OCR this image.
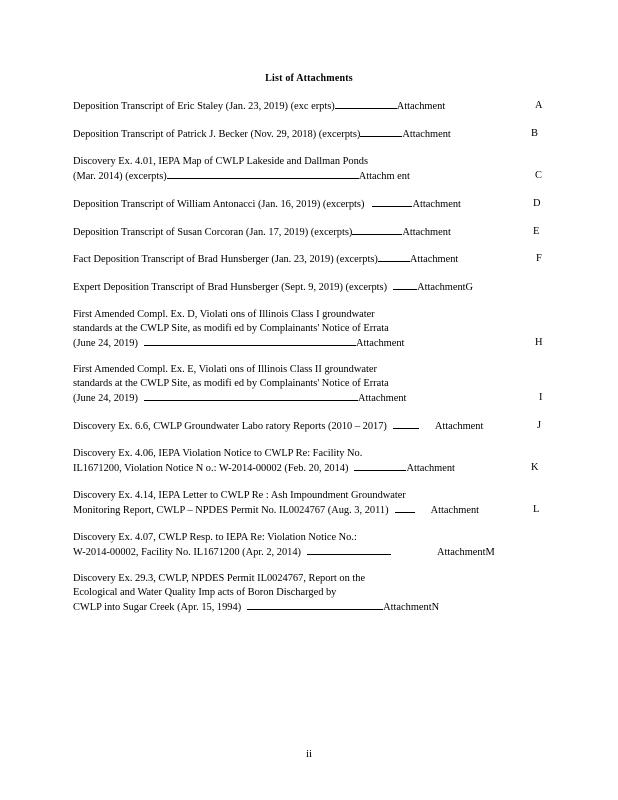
List of Attachments
Deposition Transcript of Eric Staley (Jan. 23, 2019) (exc erpts)	Attachment	A
Deposition Transcript of Patrick J. Becker (Nov. 29, 2018) (excerpts)	Attachment	B
Discovery Ex. 4.01, IEPA Map of CWLP Lakeside and Dallman Ponds
(Mar. 2014) (excerpts)	Attachm ent	C
Deposition Transcript of William Antonacci (Jan. 16, 2019) (excerpts)	Attachment	D
Deposition Transcript of Susan Corcoran (Jan. 17, 2019) (excerpts)	Attachment	E
Fact Deposition Transcript of Brad Hunsberger (Jan. 23, 2019) (excerpts)	Attachment	F
Expert Deposition Transcript of Brad Hunsberger (Sept. 9, 2019) (excerpts)	AttachmentG
First Amended Compl. Ex. D, Violati ons of Illinois Class I groundwater
standards at the CWLP Site, as modifi ed by Complainants' Notice of Errata
(June 24, 2019)	Attachment	H
First Amended Compl. Ex. E, Violati ons of Illinois Class II groundwater
standards at the CWLP Site, as modifi ed by Complainants' Notice of Errata
(June 24, 2019)	Attachment	I
Discovery Ex. 6.6, CWLP Groundwater Labo ratory Reports (2010 – 2017)	Attachment	J
Discovery Ex. 4.06, IEPA Violation Notice to CWLP Re: Facility No.
IL1671200, Violation Notice N o.: W-2014-00002 (Feb. 20, 2014)	Attachment	K
Discovery Ex. 4.14, IEPA Letter to CWLP Re : Ash Impoundment Groundwater
Monitoring Report, CWLP – NPDES Permit No. IL0024767 (Aug. 3, 2011)	Attachment	L
Discovery Ex. 4.07, CWLP Resp. to IEPA Re: Violation Notice No.:
W-2014-00002, Facility No. IL1671200 (Apr. 2, 2014)	AttachmentM
Discovery Ex. 29.3, CWLP, NPDES Permit IL0024767, Report on the
Ecological and Water Quality Imp acts of Boron Discharged by
CWLP into Sugar Creek (Apr. 15, 1994)	AttachmentN
ii
